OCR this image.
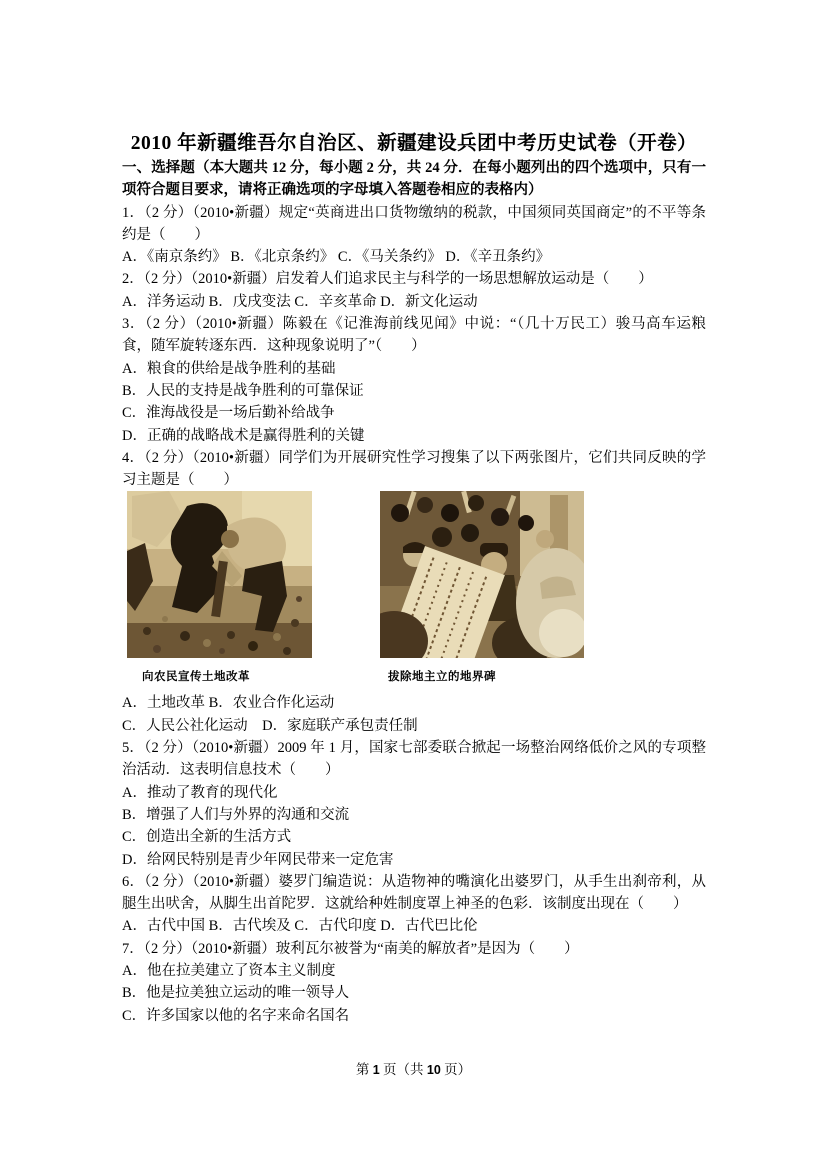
2010 年新疆维吾尔自治区、新疆建设兵团中考历史试卷（开卷）

一、选择题（本大题共 12 分，每小题 2 分，共 24 分．在每小题列出的四个选项中，只有一项符合题目要求，请将正确选项的字母填入答题卷相应的表格内）

1．（2 分）（2010•新疆）规定“英商进出口货物缴纳的税款，中国须同英国商定”的不平等条约是（　　）

A．《南京条约》 B．《北京条约》 C．《马关条约》 D．《辛丑条约》

2．（2 分）（2010•新疆）启发着人们追求民主与科学的一场思想解放运动是（　　）

A．洋务运动 B．戊戌变法 C．辛亥革命 D．新文化运动

3．（2 分）（2010•新疆）陈毅在《记淮海前线见闻》中说：“（几十万民工）骏马高车运粮食，随军旋转逐东西．这种现象说明了”（　　）

A．粮食的供给是战争胜利的基础

B．人民的支持是战争胜利的可靠保证

C．淮海战役是一场后勤补给战争

D．正确的战略战术是赢得胜利的关键

4．（2 分）（2010•新疆）同学们为开展研究性学习搜集了以下两张图片，它们共同反映的学习主题是（　　）

向农民宣传土地改革	拔除地主立的地界碑

A．土地改革 B．农业合作化运动

C．人民公社化运动　D．家庭联产承包责任制

5．（2 分）（2010•新疆）2009 年 1 月，国家七部委联合掀起一场整治网络低价之风的专项整治活动．这表明信息技术（　　）

A．推动了教育的现代化

B．增强了人们与外界的沟通和交流

C．创造出全新的生活方式

D．给网民特别是青少年网民带来一定危害

6．（2 分）（2010•新疆）婆罗门编造说：从造物神的嘴演化出婆罗门，从手生出刹帝利，从腿生出吠舍，从脚生出首陀罗．这就给种姓制度罩上神圣的色彩．该制度出现在（　　）

A．古代中国 B．古代埃及 C．古代印度 D．古代巴比伦

7．（2 分）（2010•新疆）玻利瓦尔被誉为“南美的解放者”是因为（　　）

A．他在拉美建立了资本主义制度

B．他是拉美独立运动的唯一领导人

C．许多国家以他的名字来命名国名

第 1 页（共 10 页）
